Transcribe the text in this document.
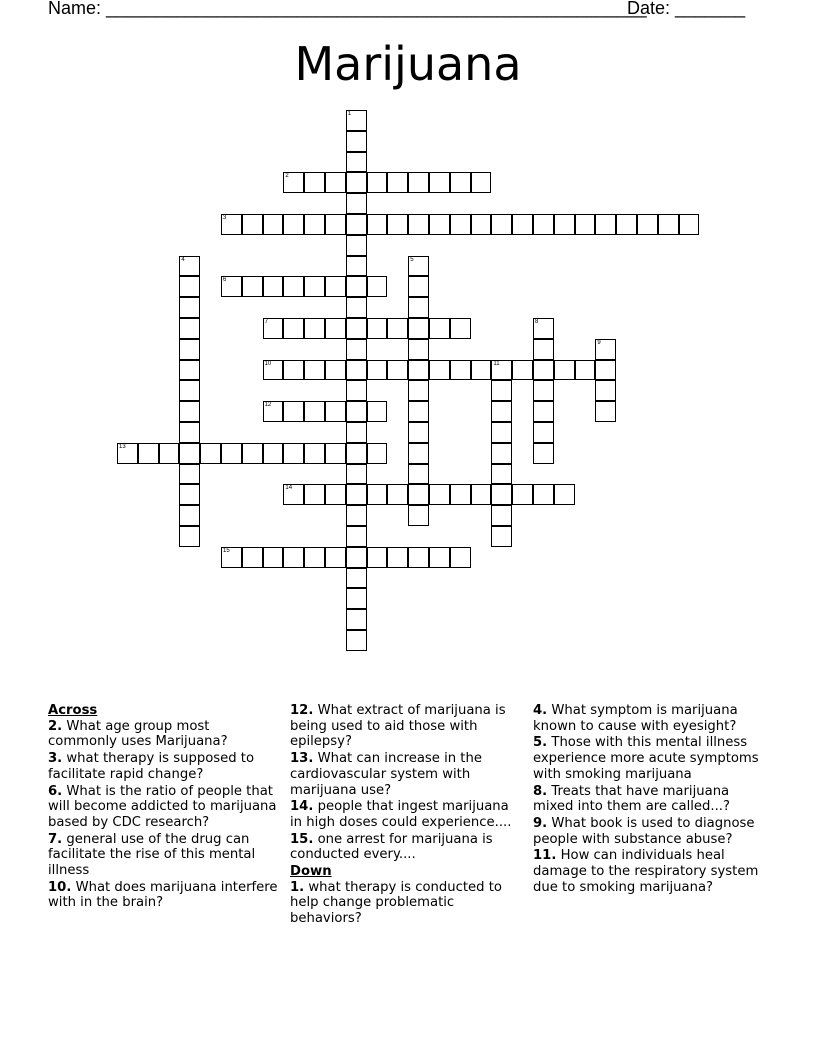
Name: ______________________________________________________
Date: _______
Marijuana
1
2
3
4	5
6
7	8
9
10	11
12
13
14
15
Across
2. What age group most commonly uses Marijuana?
3. what therapy is supposed to facilitate rapid change?
6. What is the ratio of people that will become addicted to marijuana based by CDC research?
7. general use of the drug can facilitate the rise of this mental illness
10. What does marijuana interfere with in the brain?
12. What extract of marijuana is being used to aid those with epilepsy?
13. What can increase in the cardiovascular system with marijuana use?
14. people that ingest marijuana in high doses could experience....
15. one arrest for marijuana is conducted every....
Down
1. what therapy is conducted to help change problematic behaviors?
4. What symptom is marijuana known to cause with eyesight?
5. Those with this mental illness experience more acute symptoms with smoking marijuana
8. Treats that have marijuana mixed into them are called...?
9. What book is used to diagnose people with substance abuse?
11. How can individuals heal damage to the respiratory system due to smoking marijuana?
